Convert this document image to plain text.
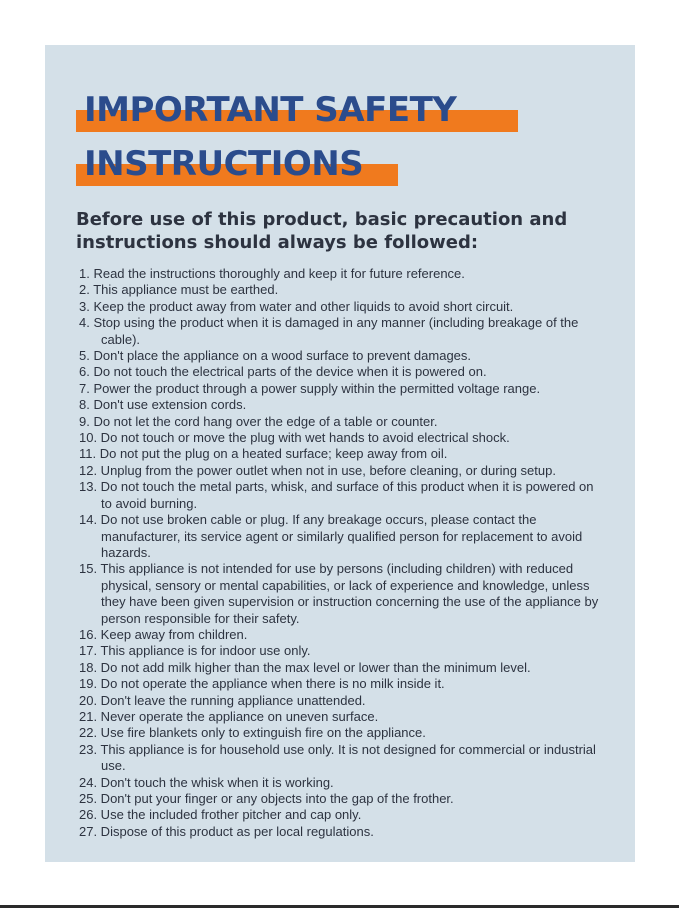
IMPORTANT SAFETY
INSTRUCTIONS
Before use of this product, basic precaution and instructions should always be followed:
1. Read the instructions thoroughly and keep it for future reference.
2. This appliance must be earthed.
3. Keep the product away from water and other liquids to avoid short circuit.
4. Stop using the product when it is damaged in any manner (including breakage of the cable).
5. Don't place the appliance on a wood surface to prevent damages.
6. Do not touch the electrical parts of the device when it is powered on.
7. Power the product through a power supply within the permitted voltage range.
8. Don't use extension cords.
9. Do not let the cord hang over the edge of a table or counter.
10. Do not touch or move the plug with wet hands to avoid electrical shock.
11. Do not put the plug on a heated surface; keep away from oil.
12. Unplug from the power outlet when not in use, before cleaning, or during setup.
13. Do not touch the metal parts, whisk, and surface of this product when it is powered on to avoid burning.
14. Do not use broken cable or plug. If any breakage occurs, please contact the manufacturer, its service agent or similarly qualified person for replacement to avoid hazards.
15. This appliance is not intended for use by persons (including children) with reduced physical, sensory or mental capabilities, or lack of experience and knowledge, unless they have been given supervision or instruction concerning the use of the appliance by person responsible for their safety.
16. Keep away from children.
17. This appliance is for indoor use only.
18. Do not add milk higher than the max level or lower than the minimum level.
19. Do not operate the appliance when there is no milk inside it.
20. Don't leave the running appliance unattended.
21. Never operate the appliance on uneven surface.
22. Use fire blankets only to extinguish fire on the appliance.
23. This appliance is for household use only. It is not designed for commercial or industrial use.
24. Don't touch the whisk when it is working.
25. Don't put your finger or any objects into the gap of the frother.
26. Use the included frother pitcher and cap only.
27. Dispose of this product as per local regulations.
